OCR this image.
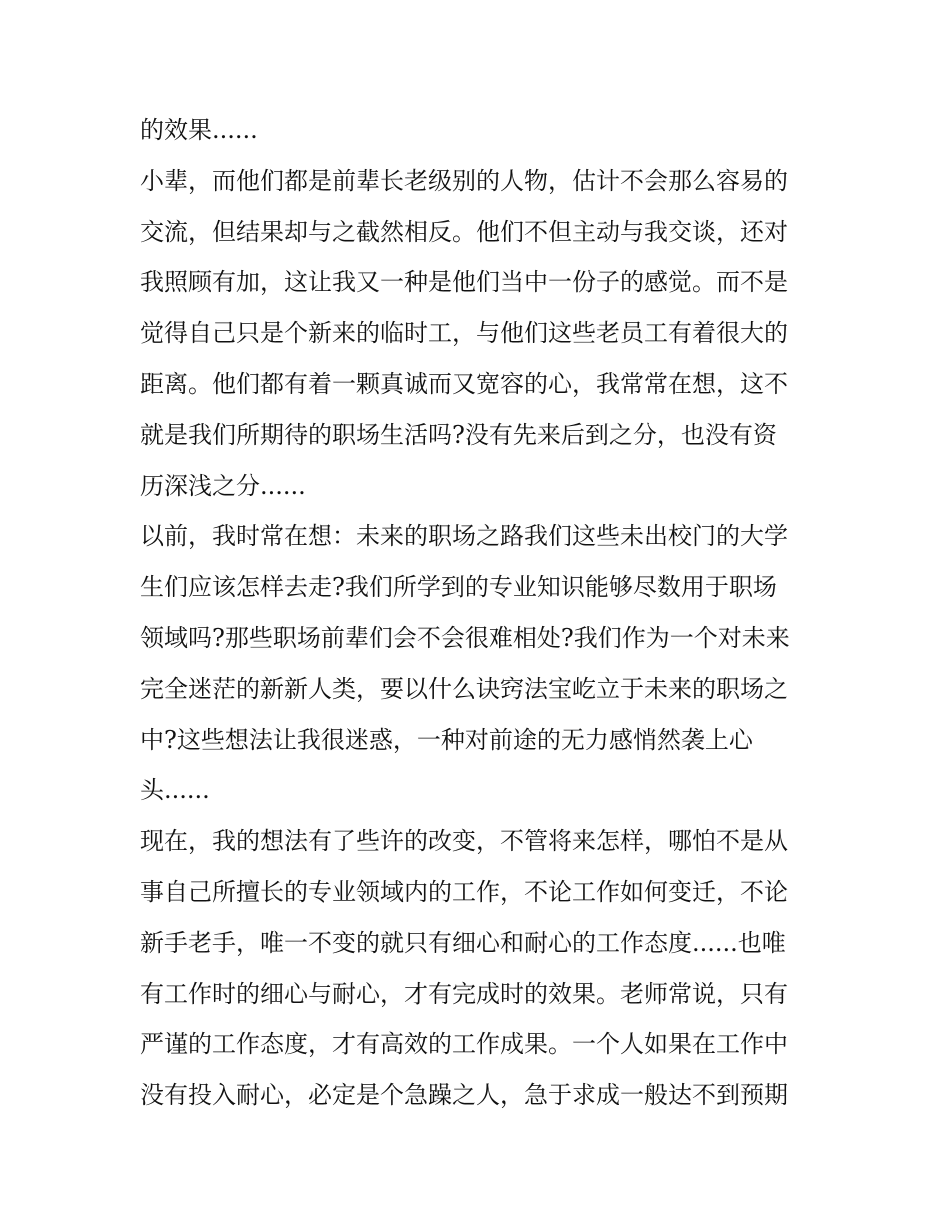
的效果......
小辈，而他们都是前辈长老级别的人物，估计不会那么容易的
交流，但结果却与之截然相反。他们不但主动与我交谈，还对
我照顾有加，这让我又一种是他们当中一份子的感觉。而不是
觉得自己只是个新来的临时工，与他们这些老员工有着很大的
距离。他们都有着一颗真诚而又宽容的心，我常常在想，这不
就是我们所期待的职场生活吗?没有先来后到之分，也没有资
历深浅之分......
以前，我时常在想：未来的职场之路我们这些未出校门的大学
生们应该怎样去走?我们所学到的专业知识能够尽数用于职场
领域吗?那些职场前辈们会不会很难相处?我们作为一个对未来
完全迷茫的新新人类，要以什么诀窍法宝屹立于未来的职场之
中?这些想法让我很迷惑，一种对前途的无力感悄然袭上心
头......
现在，我的想法有了些许的改变，不管将来怎样，哪怕不是从
事自己所擅长的专业领域内的工作，不论工作如何变迁，不论
新手老手，唯一不变的就只有细心和耐心的工作态度......也唯
有工作时的细心与耐心，才有完成时的效果。老师常说，只有
严谨的工作态度，才有高效的工作成果。一个人如果在工作中
没有投入耐心，必定是个急躁之人，急于求成一般达不到预期
